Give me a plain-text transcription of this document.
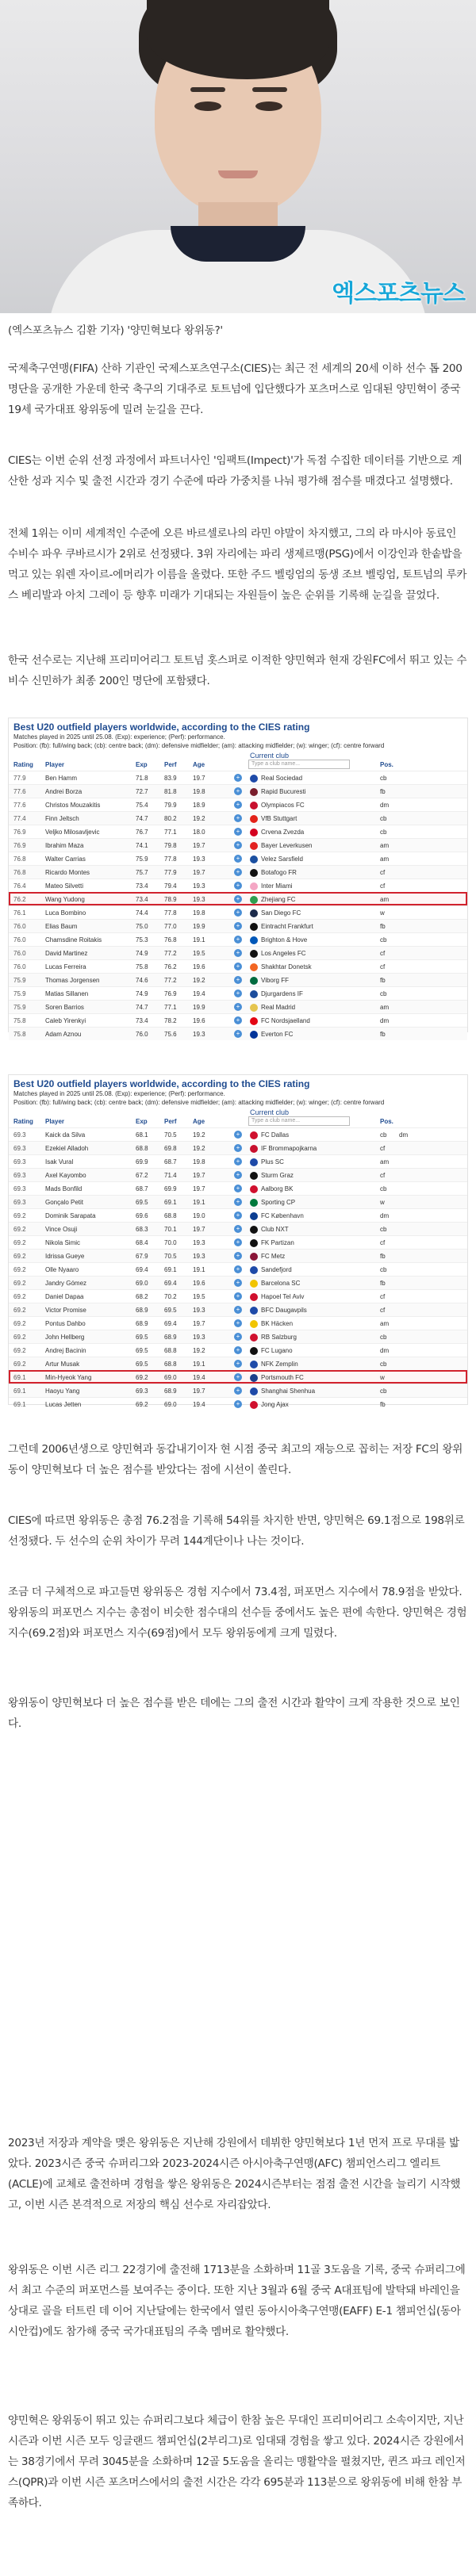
엑스포츠뉴스
(엑스포츠뉴스 김환 기자) '양민혁보다 왕위동?'
국제축구연맹(FIFA) 산하 기관인 국제스포츠연구소(CIES)는 최근 전 세계의 20세 이하 선수 톱 200 명단을 공개한 가운데 한국 축구의 기대주로 토트넘에 입단했다가 포츠머스로 임대된 양민혁이 중국 19세 국가대표 왕위동에 밀려 눈길을 끈다.
CIES는 이번 순위 선정 과정에서 파트너사인 '임팩트(Impect)'가 독점 수집한 데이터를 기반으로 계산한 성과 지수 및 출전 시간과 경기 수준에 따라 가중치를 나눠 평가해 점수를 매겼다고 설명했다.
전체 1위는 이미 세계적인 수준에 오른 바르셀로나의 라민 야말이 차지했고, 그의 라 마시아 동료인 수비수 파우 쿠바르시가 2위로 선정됐다. 3위 자리에는 파리 생제르맹(PSG)에서 이강인과 한솥밥을 먹고 있는 워렌 자이르-에머리가 이름을 올렸다. 또한 주드 벨링엄의 동생 조브 벨링엄, 토트넘의 루카스 베리발과 아치 그레이 등 향후 미래가 기대되는 자원들이 높은 순위를 기록해 눈길을 끌었다.
한국 선수로는 지난해 프리미어리그 토트넘 홋스퍼로 이적한 양민혁과 현재 강원FC에서 뛰고 있는 수비수 신민하가 최종 200인 명단에 포함됐다.
Best U20 outfield players worldwide, according to the CIES rating
Matches played in 2025 until 25.08. (Exp): experience; (Perf): performance.
Position: (fb): full/wing back; (cb): centre back; (dm): defensive midfielder; (am): attacking midfielder; (w): winger; (cf): centre forward
Current club
Type a club name...
Rating Player	Exp	Perf	Age	Pos.
77.9	Ben Hamm	71.8	83.9	19.7	Real Sociedad	cb
+
77.6	Andrei Borza	72.7	81.8	19.8	Rapid Bucuresti	fb
+
77.6	Christos Mouzakitis	75.4	79.9	18.9	Olympiacos FC	dm
+
77.4	Finn Jeltsch	74.7	80.2	19.2	VfB Stuttgart	cb
+
76.9	Veljko Milosavljevic	76.7	77.1	18.0	Crvena Zvezda	cb
+
76.9	Ibrahim Maza	74.1	79.8	19.7	Bayer Leverkusen	am
+
76.8	Walter Carrias	75.9	77.8	19.3	Velez Sarsfield	am
+
76.8	Ricardo Montes	75.7	77.9	19.7	Botafogo FR	cf
+
76.4	Mateo Silvetti	73.4	79.4	19.3	Inter Miami	cf
+
76.2	Wang Yudong	73.4	78.9	19.3	Zhejiang FC	am
+
76.1	Luca Bombino	74.4	77.8	19.8	San Diego FC	w
+
76.0	Elias Baum	75.0	77.0	19.9	Eintracht Frankfurt	fb
+
76.0	Chamsdine Roitakis	75.3	76.8	19.1	Brighton & Hove	cb
+
76.0	David Martinez	74.9	77.2	19.5	Los Angeles FC	cf
+
76.0	Lucas Ferreira	75.8	76.2	19.6	Shakhtar Donetsk	cf
+
75.9	Thomas Jorgensen	74.6	77.2	19.2	Viborg FF	fb
+
75.9	Matias Sillanen	74.9	76.9	19.4	Djurgardens IF	cb
+
75.9	Soren Barrios	74.7	77.1	19.9	Real Madrid	am
+
75.8	Caleb Yirenkyi	73.4	78.2	19.6	FC Nordsjaelland	dm
+
75.8	Adam Aznou	76.0	75.6	19.3	Everton FC	fb
+
Best U20 outfield players worldwide, according to the CIES rating
Matches played in 2025 until 25.08. (Exp): experience; (Perf): performance.
Position: (fb): full/wing back; (cb): centre back; (dm): defensive midfielder; (am): attacking midfielder; (w): winger; (cf): centre forward
Current club
Type a club name...
Rating Player	Exp	Perf	Age	Pos.
69.3	Kaick da Silva	68.1	70.5	19.2	FC Dallas	cb dm
+
69.3	Ezekiel Alladoh	68.8	69.8	19.2	IF Brommapojkarna	cf
+
69.3	Isak Vural	69.9	68.7	19.8	Plus SC	am
+
69.3	Axel Kayombo	67.2	71.4	19.7	Sturm Graz	cf
+
69.3	Mads Bonfild	68.7	69.9	19.7	Aalborg BK	cb
+
69.3	Gonçalo Petit	69.5	69.1	19.1	Sporting CP	w
+
69.2	Dominik Sarapata	69.6	68.8	19.0	FC København	dm
+
69.2	Vince Osuji	68.3	70.1	19.7	Club NXT	cb
+
69.2	Nikola Simic	68.4	70.0	19.3	FK Partizan	cf
+
69.2	Idrissa Gueye	67.9	70.5	19.3	FC Metz	fb
+
69.2	Olle Nyaaro	69.4	69.1	19.1	Sandefjord	cb
+
69.2	Jandry Gómez	69.0	69.4	19.6	Barcelona SC	fb
+
69.2	Daniel Dapaa	68.2	70.2	19.5	Hapoel Tel Aviv	cf
+
69.2	Victor Promise	68.9	69.5	19.3	BFC Daugavpils	cf
+
69.2	Pontus Dahbo	68.9	69.4	19.7	BK Häcken	am
+
69.2	John Hellberg	69.5	68.9	19.3	RB Salzburg	cb
+
69.2	Andrej Bacinin	69.5	68.8	19.2	FC Lugano	dm
+
69.2	Artur Musak	69.5	68.8	19.1	NFK Zemplin	cb
+
69.1	Min-Hyeok Yang	69.2	69.0	19.4	Portsmouth FC	w
+
69.1	Haoyu Yang	69.3	68.9	19.7	Shanghai Shenhua	cb
+
69.1	Lucas Jetten	69.2	69.0	19.4	Jong Ajax	fb
+
그런데 2006년생으로 양민혁과 동갑내기이자 현 시점 중국 최고의 재능으로 꼽히는 저장 FC의 왕위동이 양민혁보다 더 높은 점수를 받았다는 점에 시선이 쏠린다.
CIES에 따르면 왕위동은 총점 76.2점을 기록해 54위를 차지한 반면, 양민혁은 69.1점으로 198위로 선정됐다. 두 선수의 순위 차이가 무려 144계단이나 나는 것이다.
조금 더 구체적으로 파고들면 왕위동은 경험 지수에서 73.4점, 퍼포먼스 지수에서 78.9점을 받았다. 왕위동의 퍼포먼스 지수는 총점이 비슷한 점수대의 선수들 중에서도 높은 편에 속한다. 양민혁은 경험 지수(69.2점)와 퍼포먼스 지수(69점)에서 모두 왕위동에게 크게 밀렸다.
왕위동이 양민혁보다 더 높은 점수를 받은 데에는 그의 출전 시간과 활약이 크게 작용한 것으로 보인다.
2023년 저장과 계약을 맺은 왕위동은 지난해 강원에서 데뷔한 양민혁보다 1년 먼저 프로 무대를 밟았다. 2023시즌 중국 슈퍼리그와 2023-2024시즌 아시아축구연맹(AFC) 챔피언스리그 엘리트(ACLE)에 교체로 출전하며 경험을 쌓은 왕위동은 2024시즌부터는 점점 출전 시간을 늘리기 시작했고, 이번 시즌 본격적으로 저장의 핵심 선수로 자리잡았다.
왕위동은 이번 시즌 리그 22경기에 출전해 1713분을 소화하며 11골 3도움을 기록, 중국 슈퍼리그에서 최고 수준의 퍼포먼스를 보여주는 중이다. 또한 지난 3월과 6월 중국 A대표팀에 발탁돼 바레인을 상대로 골을 터트린 데 이어 지난달에는 한국에서 열린 동아시아축구연맹(EAFF) E-1 챔피언십(동아시안컵)에도 참가해 중국 국가대표팀의 주축 멤버로 활약했다.
양민혁은 왕위동이 뛰고 있는 슈퍼리그보다 체급이 한참 높은 무대인 프리미어리그 소속이지만, 지난 시즌과 이번 시즌 모두 잉글랜드 챔피언십(2부리그)로 임대돼 경험을 쌓고 있다. 2024시즌 강원에서는 38경기에서 무려 3045분을 소화하며 12골 5도움을 올리는 맹활약을 펼쳤지만, 퀸즈 파크 레인저스(QPR)과 이번 시즌 포츠머스에서의 출전 시간은 각각 695분과 113분으로 왕위동에 비해 한참 부족하다.
